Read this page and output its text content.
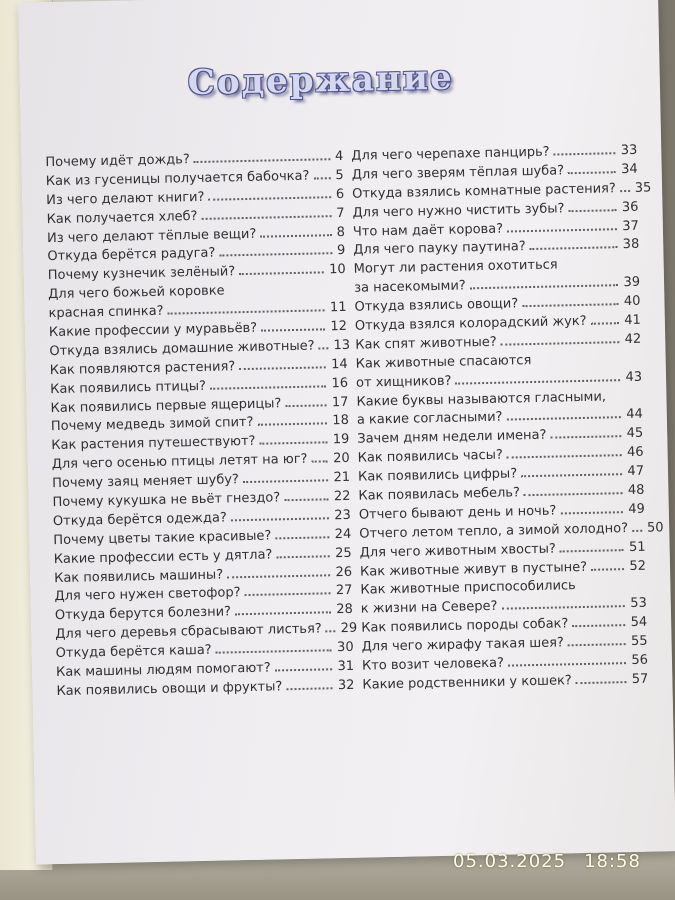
Содержание
Почему идёт дождь?	4
Как из гусеницы получается бабочка? 5
Из чего делают книги?	6
Как получается хлеб?	7
Из чего делают тёплые вещи?	8
Откуда берётся радуга?	9
Почему кузнечик зелёный?	10
Для чего божьей коровке
красная спинка?	11
Какие профессии у муравьёв?	12
Откуда взялись домашние животные? 13
Как появляются растения?	14
Как появились птицы?	16
Как появились первые ящерицы?	17
Почему медведь зимой спит?	18
Как растения путешествуют?	19
Для чего осенью птицы летят на юг? 20
Почему заяц меняет шубу?	21
Почему кукушка не вьёт гнездо?	22
Откуда берётся одежда?	23
Почему цветы такие красивые?	24
Какие профессии есть у дятла?	25
Как появились машины?	26
Для чего нужен светофор?	27
Откуда берутся болезни?	28
Для чего деревья сбрасывают листья? 29
Откуда берётся каша?	30
Как машины людям помогают?	31
Как появились овощи и фрукты?	32
Для чего черепахе панцирь?	33
Для чего зверям тёплая шуба?	34
Откуда взялись комнатные растения? 35
Для чего нужно чистить зубы?	36
Что нам даёт корова?	37
Для чего пауку паутина?	38
Могут ли растения охотиться
за насекомыми?	39
Откуда взялись овощи?	40
Откуда взялся колорадский жук?	41
Как спят животные?	42
Как животные спасаются
от хищников?	43
Какие буквы называются гласными,
а какие согласными?	44
Зачем дням недели имена?	45
Как появились часы?	46
Как появились цифры?	47
Как появилась мебель?	48
Отчего бывают день и ночь?	49
Отчего летом тепло, а зимой холодно? 50
Для чего животным хвосты?	51
Как животные живут в пустыне?	52
Как животные приспособились
к жизни на Севере?	53
Как появились породы собак?	54
Для чего жирафу такая шея?	55
Кто возит человека?	56
Какие родственники у кошек?	57
05.03.2025 18:58
